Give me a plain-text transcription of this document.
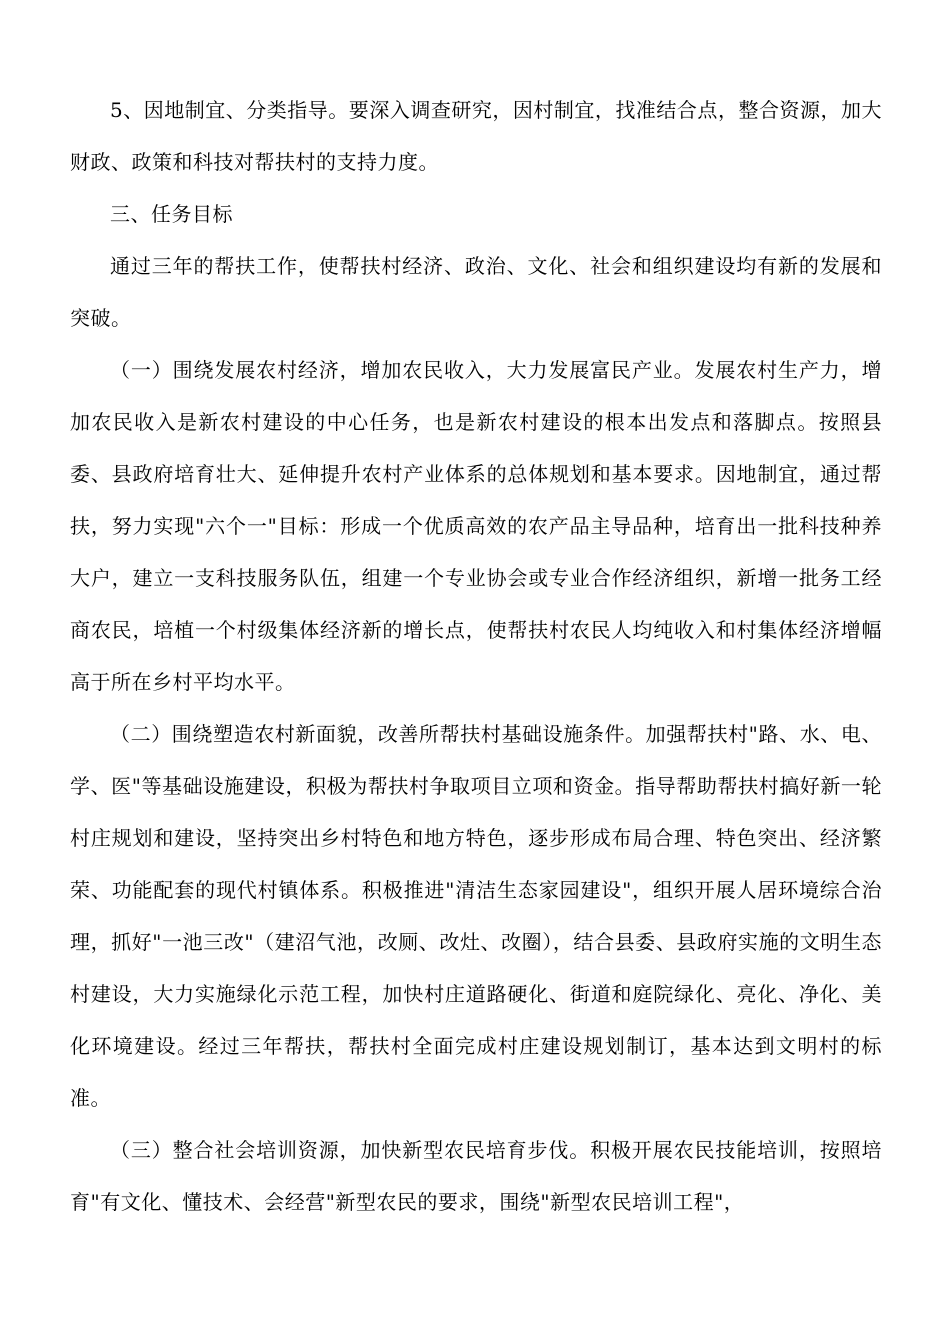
5、因地制宜、分类指导。要深入调查研究，因村制宜，找准结合点，整合资源，加大财政、政策和科技对帮扶村的支持力度。

三、任务目标

通过三年的帮扶工作，使帮扶村经济、政治、文化、社会和组织建设均有新的发展和突破。

（一）围绕发展农村经济，增加农民收入，大力发展富民产业。发展农村生产力，增加农民收入是新农村建设的中心任务，也是新农村建设的根本出发点和落脚点。按照县委、县政府培育壮大、延伸提升农村产业体系的总体规划和基本要求。因地制宜，通过帮扶，努力实现"六个一"目标：形成一个优质高效的农产品主导品种，培育出一批科技种养大户，建立一支科技服务队伍，组建一个专业协会或专业合作经济组织，新增一批务工经商农民，培植一个村级集体经济新的增长点，使帮扶村农民人均纯收入和村集体经济增幅高于所在乡村平均水平。

（二）围绕塑造农村新面貌，改善所帮扶村基础设施条件。加强帮扶村"路、水、电、学、医"等基础设施建设，积极为帮扶村争取项目立项和资金。指导帮助帮扶村搞好新一轮村庄规划和建设，坚持突出乡村特色和地方特色，逐步形成布局合理、特色突出、经济繁荣、功能配套的现代村镇体系。积极推进"清洁生态家园建设"，组织开展人居环境综合治理，抓好"一池三改"（建沼气池，改厕、改灶、改圈），结合县委、县政府实施的文明生态村建设，大力实施绿化示范工程，加快村庄道路硬化、街道和庭院绿化、亮化、净化、美化环境建设。经过三年帮扶，帮扶村全面完成村庄建设规划制订，基本达到文明村的标准。

（三）整合社会培训资源，加快新型农民培育步伐。积极开展农民技能培训，按照培育"有文化、懂技术、会经营"新型农民的要求，围绕"新型农民培训工程"，
